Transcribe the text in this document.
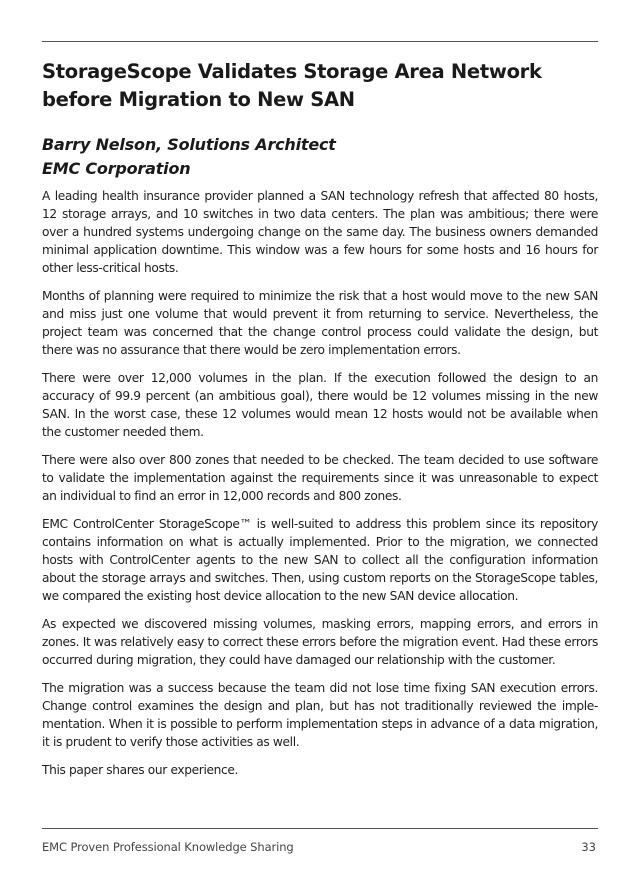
StorageScope Validates Storage Area Network before Migration to New SAN
Barry Nelson, Solutions Architect
EMC Corporation

A leading health insurance provider planned a SAN technology refresh that affected 80 hosts, 12 storage arrays, and 10 switches in two data centers. The plan was ambitious; there were over a hundred systems undergoing change on the same day. The business owners demanded minimal application downtime. This window was a few hours for some hosts and 16 hours for other less-critical hosts.

Months of planning were required to minimize the risk that a host would move to the new SAN and miss just one volume that would prevent it from returning to service. Nevertheless, the project team was concerned that the change control process could validate the design, but there was no assurance that there would be zero implementation errors.

There were over 12,000 volumes in the plan. If the execution followed the design to an accuracy of 99.9 percent (an ambitious goal), there would be 12 volumes missing in the new SAN. In the worst case, these 12 volumes would mean 12 hosts would not be available when the customer needed them.

There were also over 800 zones that needed to be checked. The team decided to use software to validate the implementation against the requirements since it was unreasonable to expect an individual to find an error in 12,000 records and 800 zones.

EMC ControlCenter StorageScope™ is well-suited to address this problem since its repository contains information on what is actually implemented. Prior to the migration, we connected hosts with ControlCenter agents to the new SAN to collect all the configuration information about the storage arrays and switches. Then, using custom reports on the StorageScope tables, we compared the existing host device allocation to the new SAN device allocation.

As expected we discovered missing volumes, masking errors, mapping errors, and errors in zones. It was relatively easy to correct these errors before the migration event. Had these errors occurred during migration, they could have damaged our relationship with the customer.

The migration was a success because the team did not lose time fixing SAN execution errors. Change control examines the design and plan, but has not traditionally reviewed the imple-mentation. When it is possible to perform implementation steps in advance of a data migration, it is prudent to verify those activities as well.

This paper shares our experience.

EMC Proven Professional Knowledge Sharing	33
